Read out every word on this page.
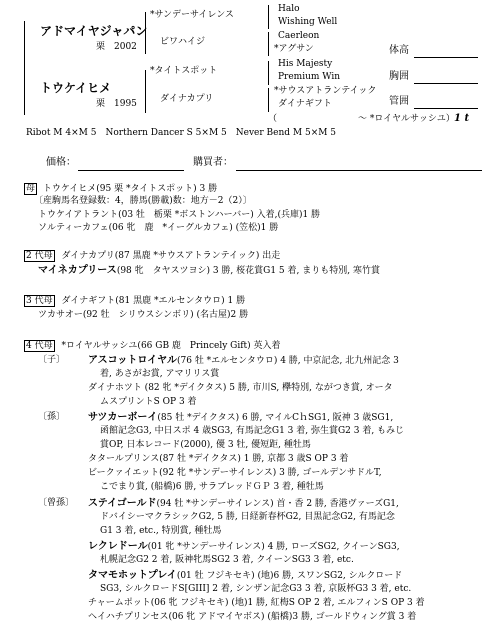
アドマイヤジャパン
栗　2002
トウケイヒメ
栗　1995
*サンデーサイレンス
ビワハイジ
*タイトスポット
ダイナカプリ
Halo
Wishing Well
Caerleon
*アグサン
His Majesty
Premium Win
*サウスアトランテイック
ダイナギフト
（　　　　　　　　　～ *ロイヤルサッシユ） 1 t
Ribot M 4×M 5　Northern Dancer S 5×M 5　Never Bend M 5×M 5
体高
胸囲
管囲
価格：	購買者：
母 トウケイヒメ(95 栗 *タイトスポット) 3 勝
〔産駒馬名登録数：4，勝馬(勝載)数：地方－2（2）〕
トウケイアトラント(03 牡　栃栗 *ボストンハーバー) 入着,(兵庫)1 勝
ソルティーカフェ(06 牝　鹿　*イーグルカフェ) (笠松)1 勝
2 代母 ダイナカプリ(87 黒鹿 *サウスアトランテイック) 出走
マイネカプリース(98 牝　タヤスツヨシ) 3 勝, 桜花賞G1 5 着, まりも特別, 寒竹賞
3 代母 ダイナギフト(81 黒鹿 *エルセンタウロ) 1 勝
ツカサオー(92 牡　シリウスシンボリ) (名古屋)2 勝
4 代母 *ロイヤルサッシユ(66 GB 鹿　Princely Gift) 英入着
〔子〕 アスコットロイヤル(76 牡 *エルセンタウロ) 4 勝, 中京記念, 北九州記念 3
着, あさがお賞, アマリリス賞
ダイナホツト (82 牝 *デイクタス) 5 勝, 市川S, 欅特別, ながつき賞, オータ
ムスプリントS OP 3 着
〔孫〕 サツカーボーイ(85 牡 *デイクタス) 6 勝, マイルCｈSG1, 阪神 3 歳SG1,
函館記念G3, 中日スポ 4 歳SG3, 有馬記念G1 3 着, 弥生賞G2 3 着, もみじ
賞OP, 日本レコード(2000), 優 3 牡, 優短距, 種牡馬
タタールプリンス(87 牡 *デイクタス) 1 勝, 京都 3 歳S OP 3 着
ビークァイエット(92 牝 *サンデーサイレンス) 3 勝, ゴールデンサドルT,
こでまり賞, (船橋)6 勝, サラブレッドＧＰ 3 着, 種牡馬
〔曾孫〕 ステイゴールド(94 牡 *サンデーサイレンス) 首・香 2 勝, 香港ヴァーズG1,
ドバイシーマクラシックG2, 5 勝, 日経新春杯G2, 目黒記念G2, 有馬記念
G1 3 着, etc., 特別賞, 種牡馬
レクレドール(01 牝 *サンデーサイレンス) 4 勝, ローズSG2, クイーンSG3,
札幌記念G2 2 着, 阪神牝馬SG2 3 着, クイーンSG3 3 着, etc.
タマモホットプレイ(01 牡 フジキセキ) (地)6 勝, スワンSG2, シルクロード
SG3, シルクロードS[GIII] 2 着, シンザン記念G3 3 着, 京阪杯G3 3 着, etc.
チャームポット(06 牝 フジキセキ) (地)1 勝, 紅梅S OP 2 着, エルフィンS OP 3 着
ヘイハチプリンセス(06 牝 アドマイヤボス) (船橋)3 勝, ゴールドウィング賞 3 着
